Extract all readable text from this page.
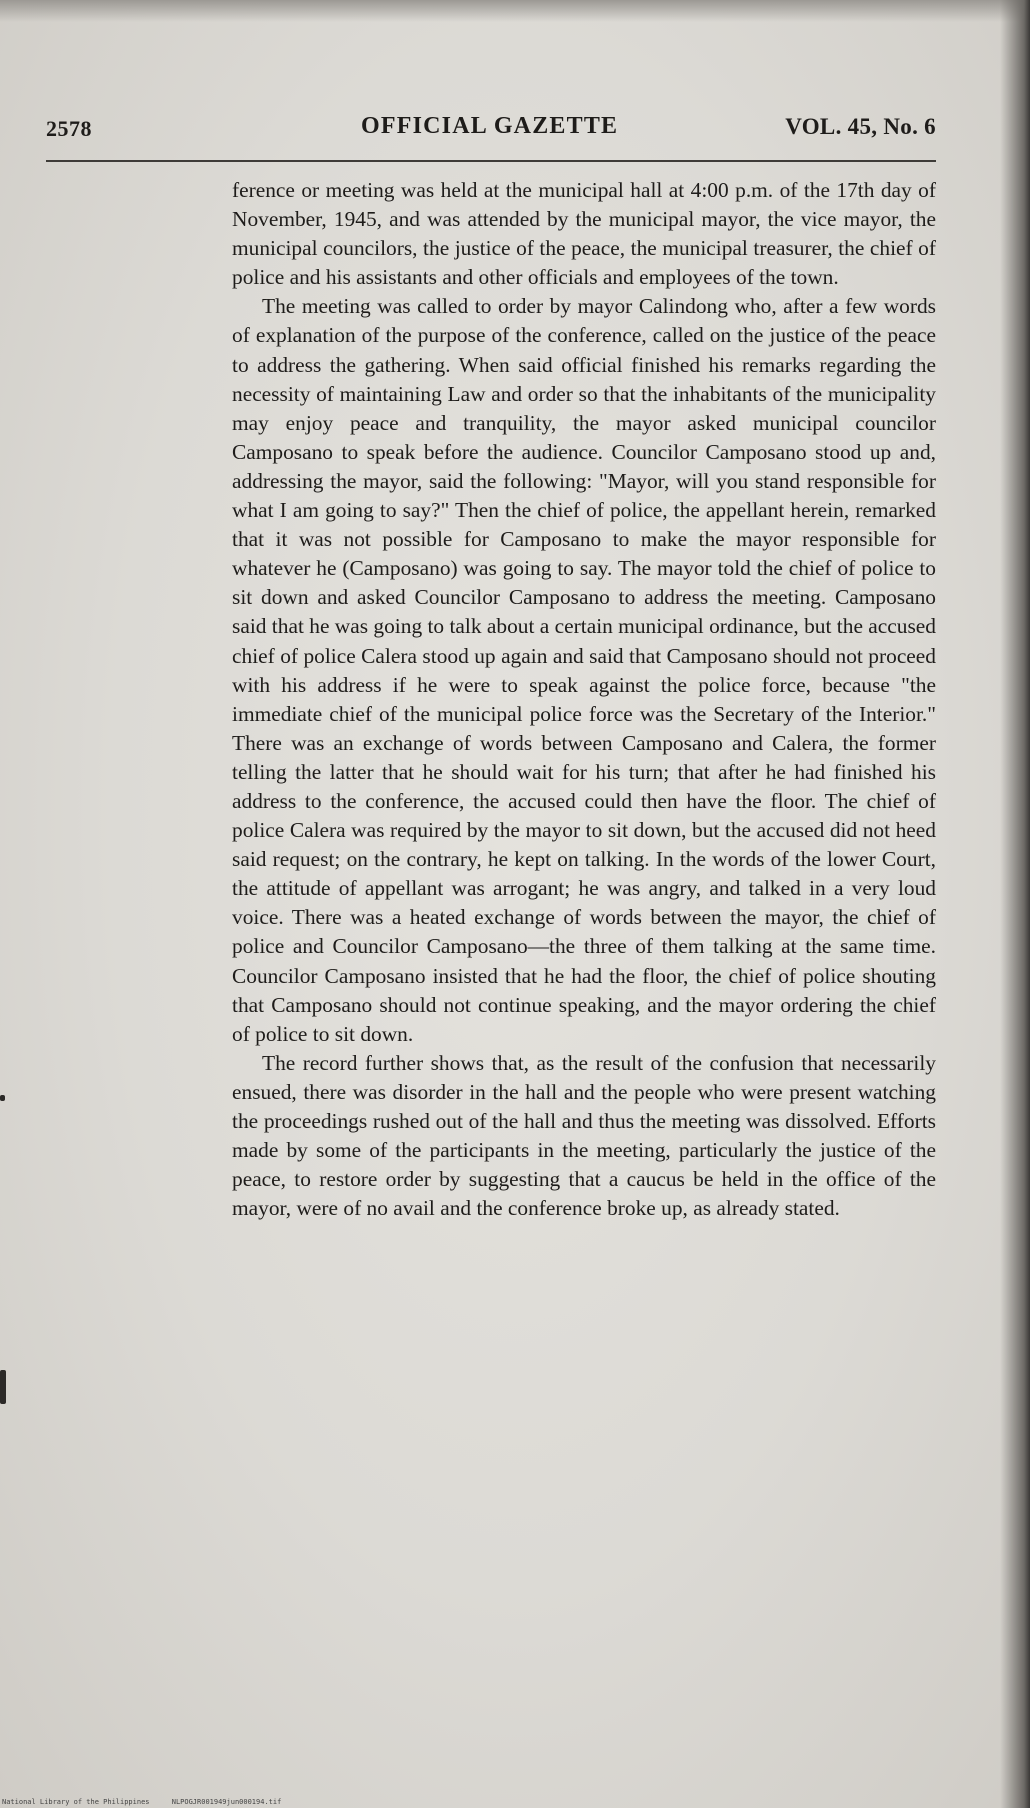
2578	OFFICIAL GAZETTE	VOL. 45, No. 6

ference or meeting was held at the municipal hall at 4:00 p.m. of the 17th day of November, 1945, and was attended by the municipal mayor, the vice mayor, the municipal councilors, the justice of the peace, the municipal treasurer, the chief of police and his assistants and other officials and employees of the town.

The meeting was called to order by mayor Calindong who, after a few words of explanation of the purpose of the conference, called on the justice of the peace to address the gathering. When said official finished his remarks regarding the necessity of maintaining Law and order so that the inhabitants of the municipality may enjoy peace and tranquility, the mayor asked municipal councilor Camposano to speak before the audience. Councilor Camposano stood up and, addressing the mayor, said the following: "Mayor, will you stand responsible for what I am going to say?" Then the chief of police, the appellant herein, remarked that it was not possible for Camposano to make the mayor responsible for whatever he (Camposano) was going to say. The mayor told the chief of police to sit down and asked Councilor Camposano to address the meeting. Camposano said that he was going to talk about a certain municipal ordinance, but the accused chief of police Calera stood up again and said that Camposano should not proceed with his address if he were to speak against the police force, because "the immediate chief of the municipal police force was the Secretary of the Interior." There was an exchange of words between Camposano and Calera, the former telling the latter that he should wait for his turn; that after he had finished his address to the conference, the accused could then have the floor. The chief of police Calera was required by the mayor to sit down, but the accused did not heed said request; on the contrary, he kept on talking. In the words of the lower Court, the attitude of appellant was arrogant; he was angry, and talked in a very loud voice. There was a heated exchange of words between the mayor, the chief of police and Councilor Camposano—the three of them talking at the same time. Councilor Camposano insisted that he had the floor, the chief of police shouting that Camposano should not continue speaking, and the mayor ordering the chief of police to sit down.

The record further shows that, as the result of the confusion that necessarily ensued, there was disorder in the hall and the people who were present watching the proceedings rushed out of the hall and thus the meeting was dissolved. Efforts made by some of the participants in the meeting, particularly the justice of the peace, to restore order by suggesting that a caucus be held in the office of the mayor, were of no avail and the conference broke up, as already stated.

National Library of the Philippines	NLPOGJR001949jun000194.tif
